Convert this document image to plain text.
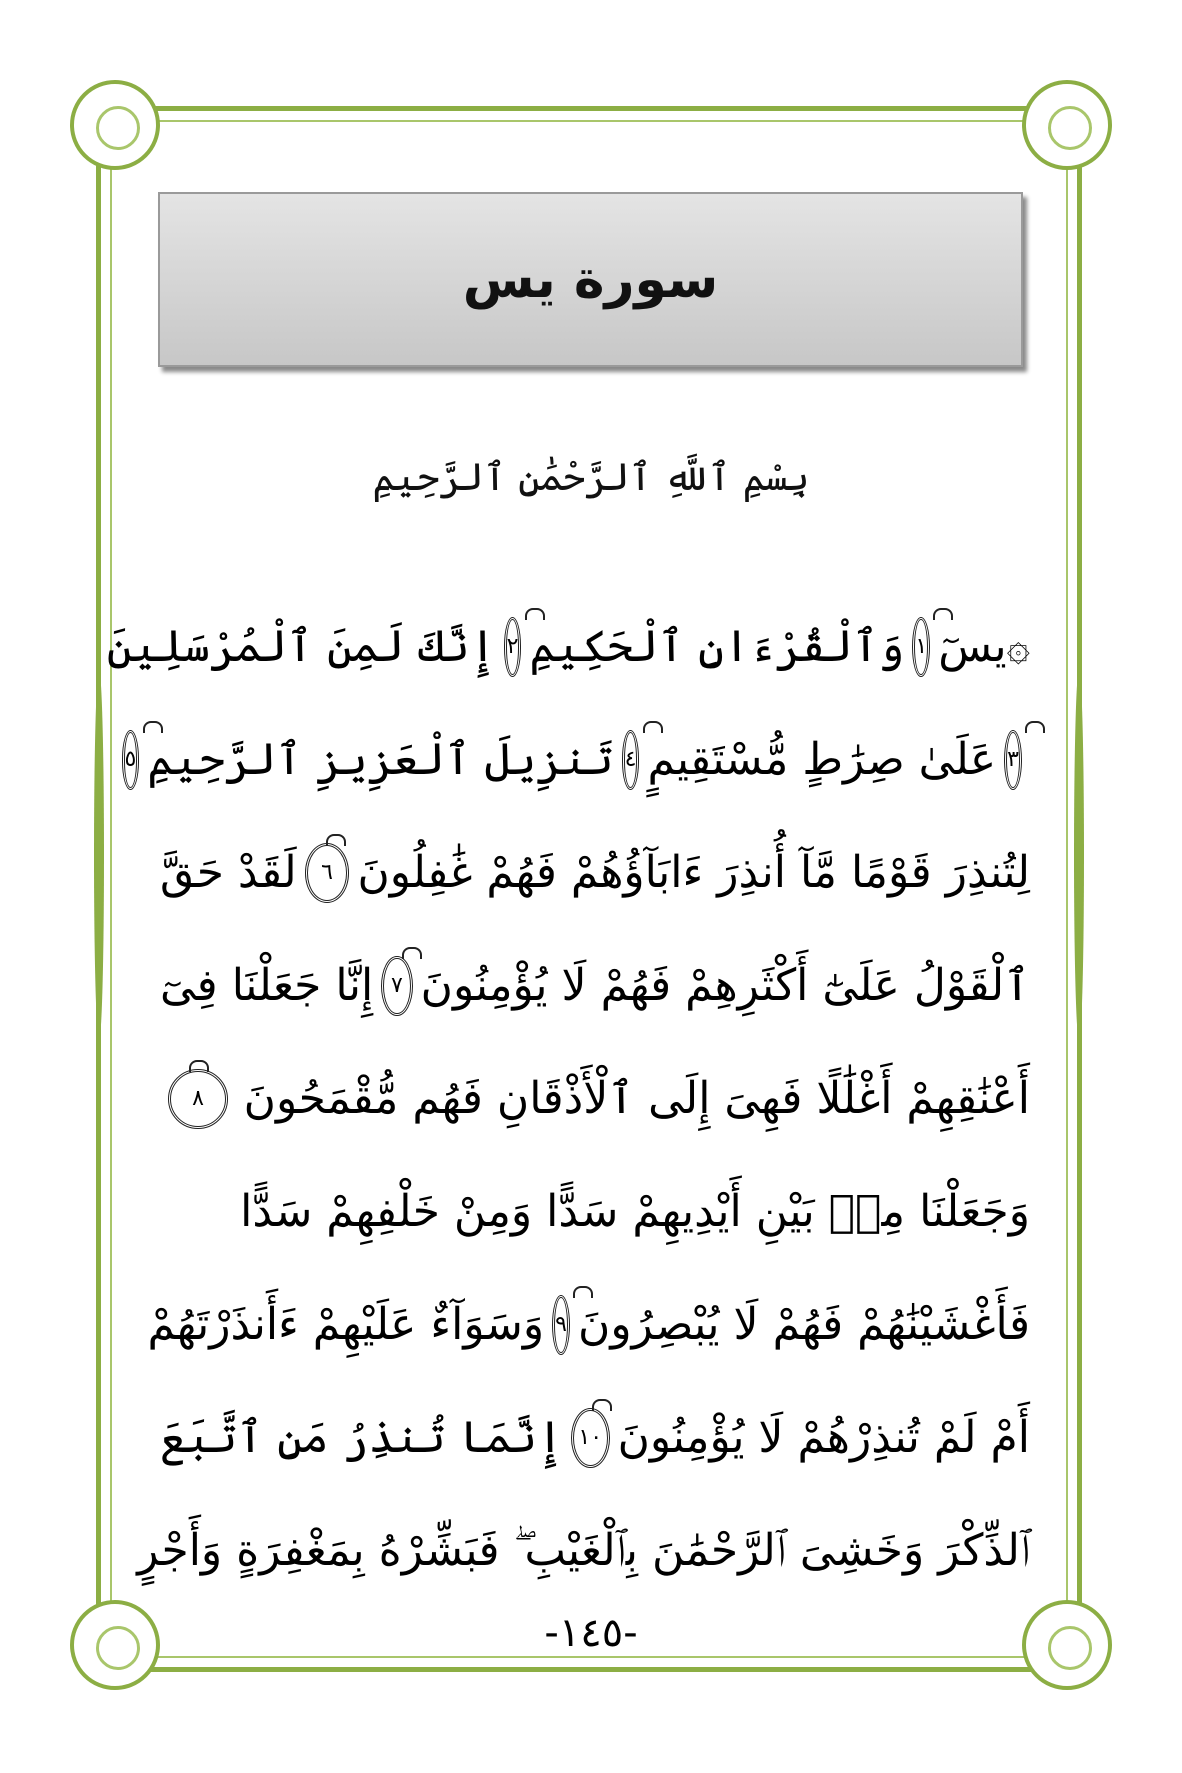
سورة يس
بِسْمِ ٱللَّهِ ٱلرَّحْمَٰنِ ٱلرَّحِيمِ
۞
يسٓ
١
وَٱلْقُرْءَانِ ٱلْحَكِيمِ
٢
إِنَّكَ لَمِنَ ٱلْمُرْسَلِينَ
٣
عَلَىٰ صِرَٰطٍ مُّسْتَقِيمٍ
٤
تَنزِيلَ ٱلْعَزِيزِ ٱلرَّحِيمِ
٥
لِتُنذِرَ قَوْمًا مَّآ أُنذِرَ ءَابَآؤُهُمْ فَهُمْ غَٰفِلُونَ
٦
لَقَدْ حَقَّ
ٱلْقَوْلُ عَلَىٰٓ أَكْثَرِهِمْ فَهُمْ لَا يُؤْمِنُونَ
٧
إِنَّا جَعَلْنَا فِىٓ
أَعْنَٰقِهِمْ أَغْلَٰلًا فَهِىَ إِلَى ٱلْأَذْقَانِ فَهُم مُّقْمَحُونَ
٨
وَجَعَلْنَا مِنۢ بَيْنِ أَيْدِيهِمْ سَدًّا وَمِنْ خَلْفِهِمْ سَدًّا
فَأَغْشَيْنَٰهُمْ فَهُمْ لَا يُبْصِرُونَ
٩
وَسَوَآءٌ عَلَيْهِمْ ءَأَنذَرْتَهُمْ
أَمْ لَمْ تُنذِرْهُمْ لَا يُؤْمِنُونَ
١٠
إِنَّمَا تُنذِرُ مَنِ ٱتَّبَعَ
ٱلذِّكْرَ وَخَشِىَ ٱلرَّحْمَٰنَ بِٱلْغَيْبِ ۖ فَبَشِّرْهُ بِمَغْفِرَةٍ وَأَجْرٍ
-١٤٥-
